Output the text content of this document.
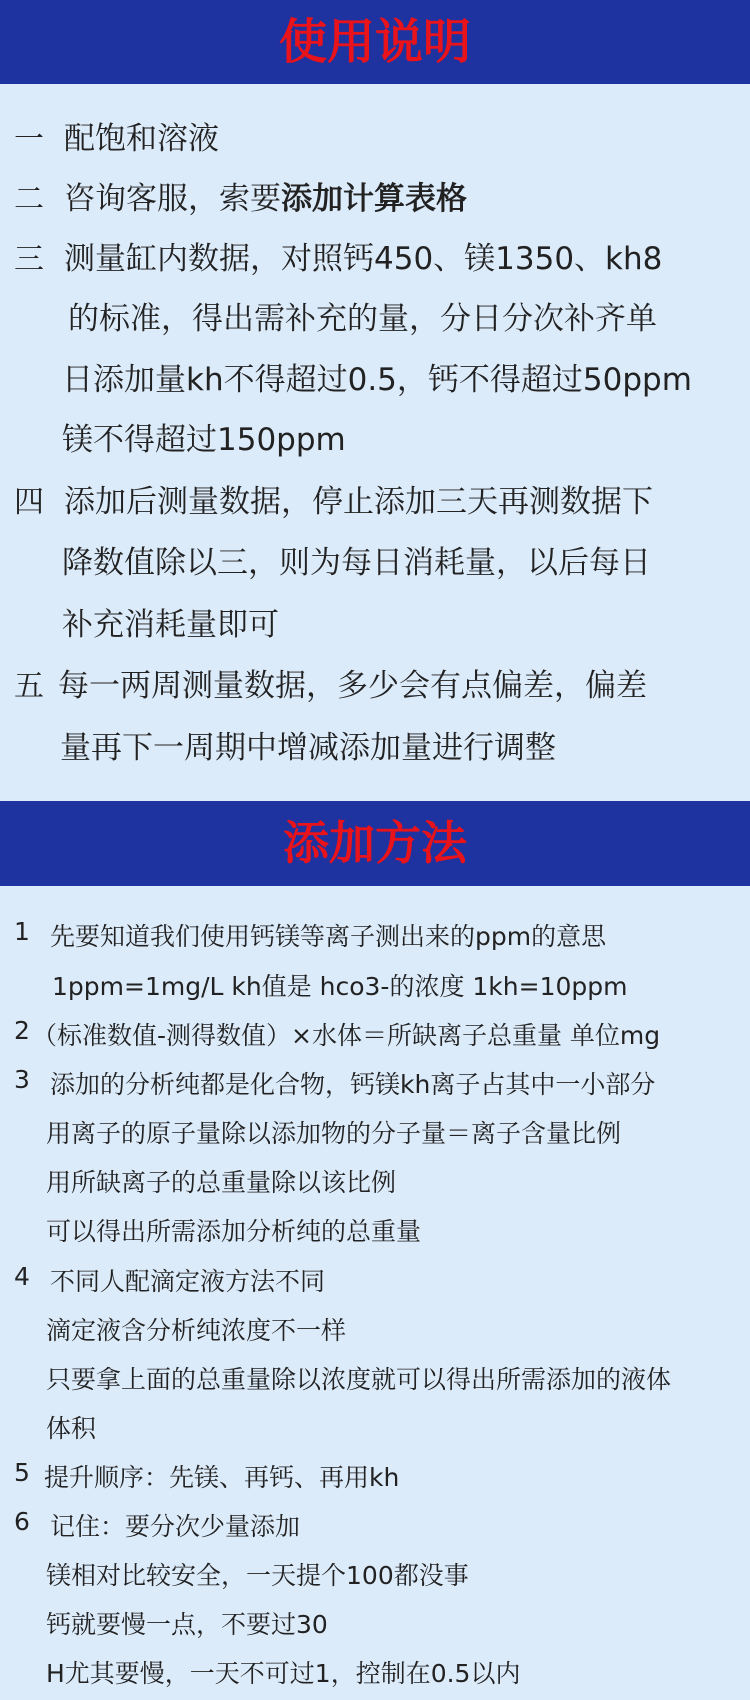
使用说明
一 配饱和溶液
二 咨询客服，索要添加计算表格
三 测量缸内数据，对照钙450、镁1350、kh8
的标准，得出需补充的量，分日分次补齐单
日添加量kh不得超过0.5，钙不得超过50ppm
镁不得超过150ppm
四 添加后测量数据，停止添加三天再测数据下
降数值除以三，则为每日消耗量，以后每日
补充消耗量即可
五 每一两周测量数据，多少会有点偏差，偏差
量再下一周期中增减添加量进行调整
添加方法
1 先要知道我们使用钙镁等离子测出来的ppm的意思
1ppm=1mg/L kh值是 hco3-的浓度 1kh=10ppm
2 （标准数值-测得数值）×水体＝所缺离子总重量 单位mg
3 添加的分析纯都是化合物，钙镁kh离子占其中一小部分
用离子的原子量除以添加物的分子量＝离子含量比例
用所缺离子的总重量除以该比例
可以得出所需添加分析纯的总重量
4 不同人配滴定液方法不同
滴定液含分析纯浓度不一样
只要拿上面的总重量除以浓度就可以得出所需添加的液体
体积
5 提升顺序：先镁、再钙、再用kh
6 记住：要分次少量添加
镁相对比较安全，一天提个100都没事
钙就要慢一点，不要过30
H尤其要慢，一天不可过1，控制在0.5以内
